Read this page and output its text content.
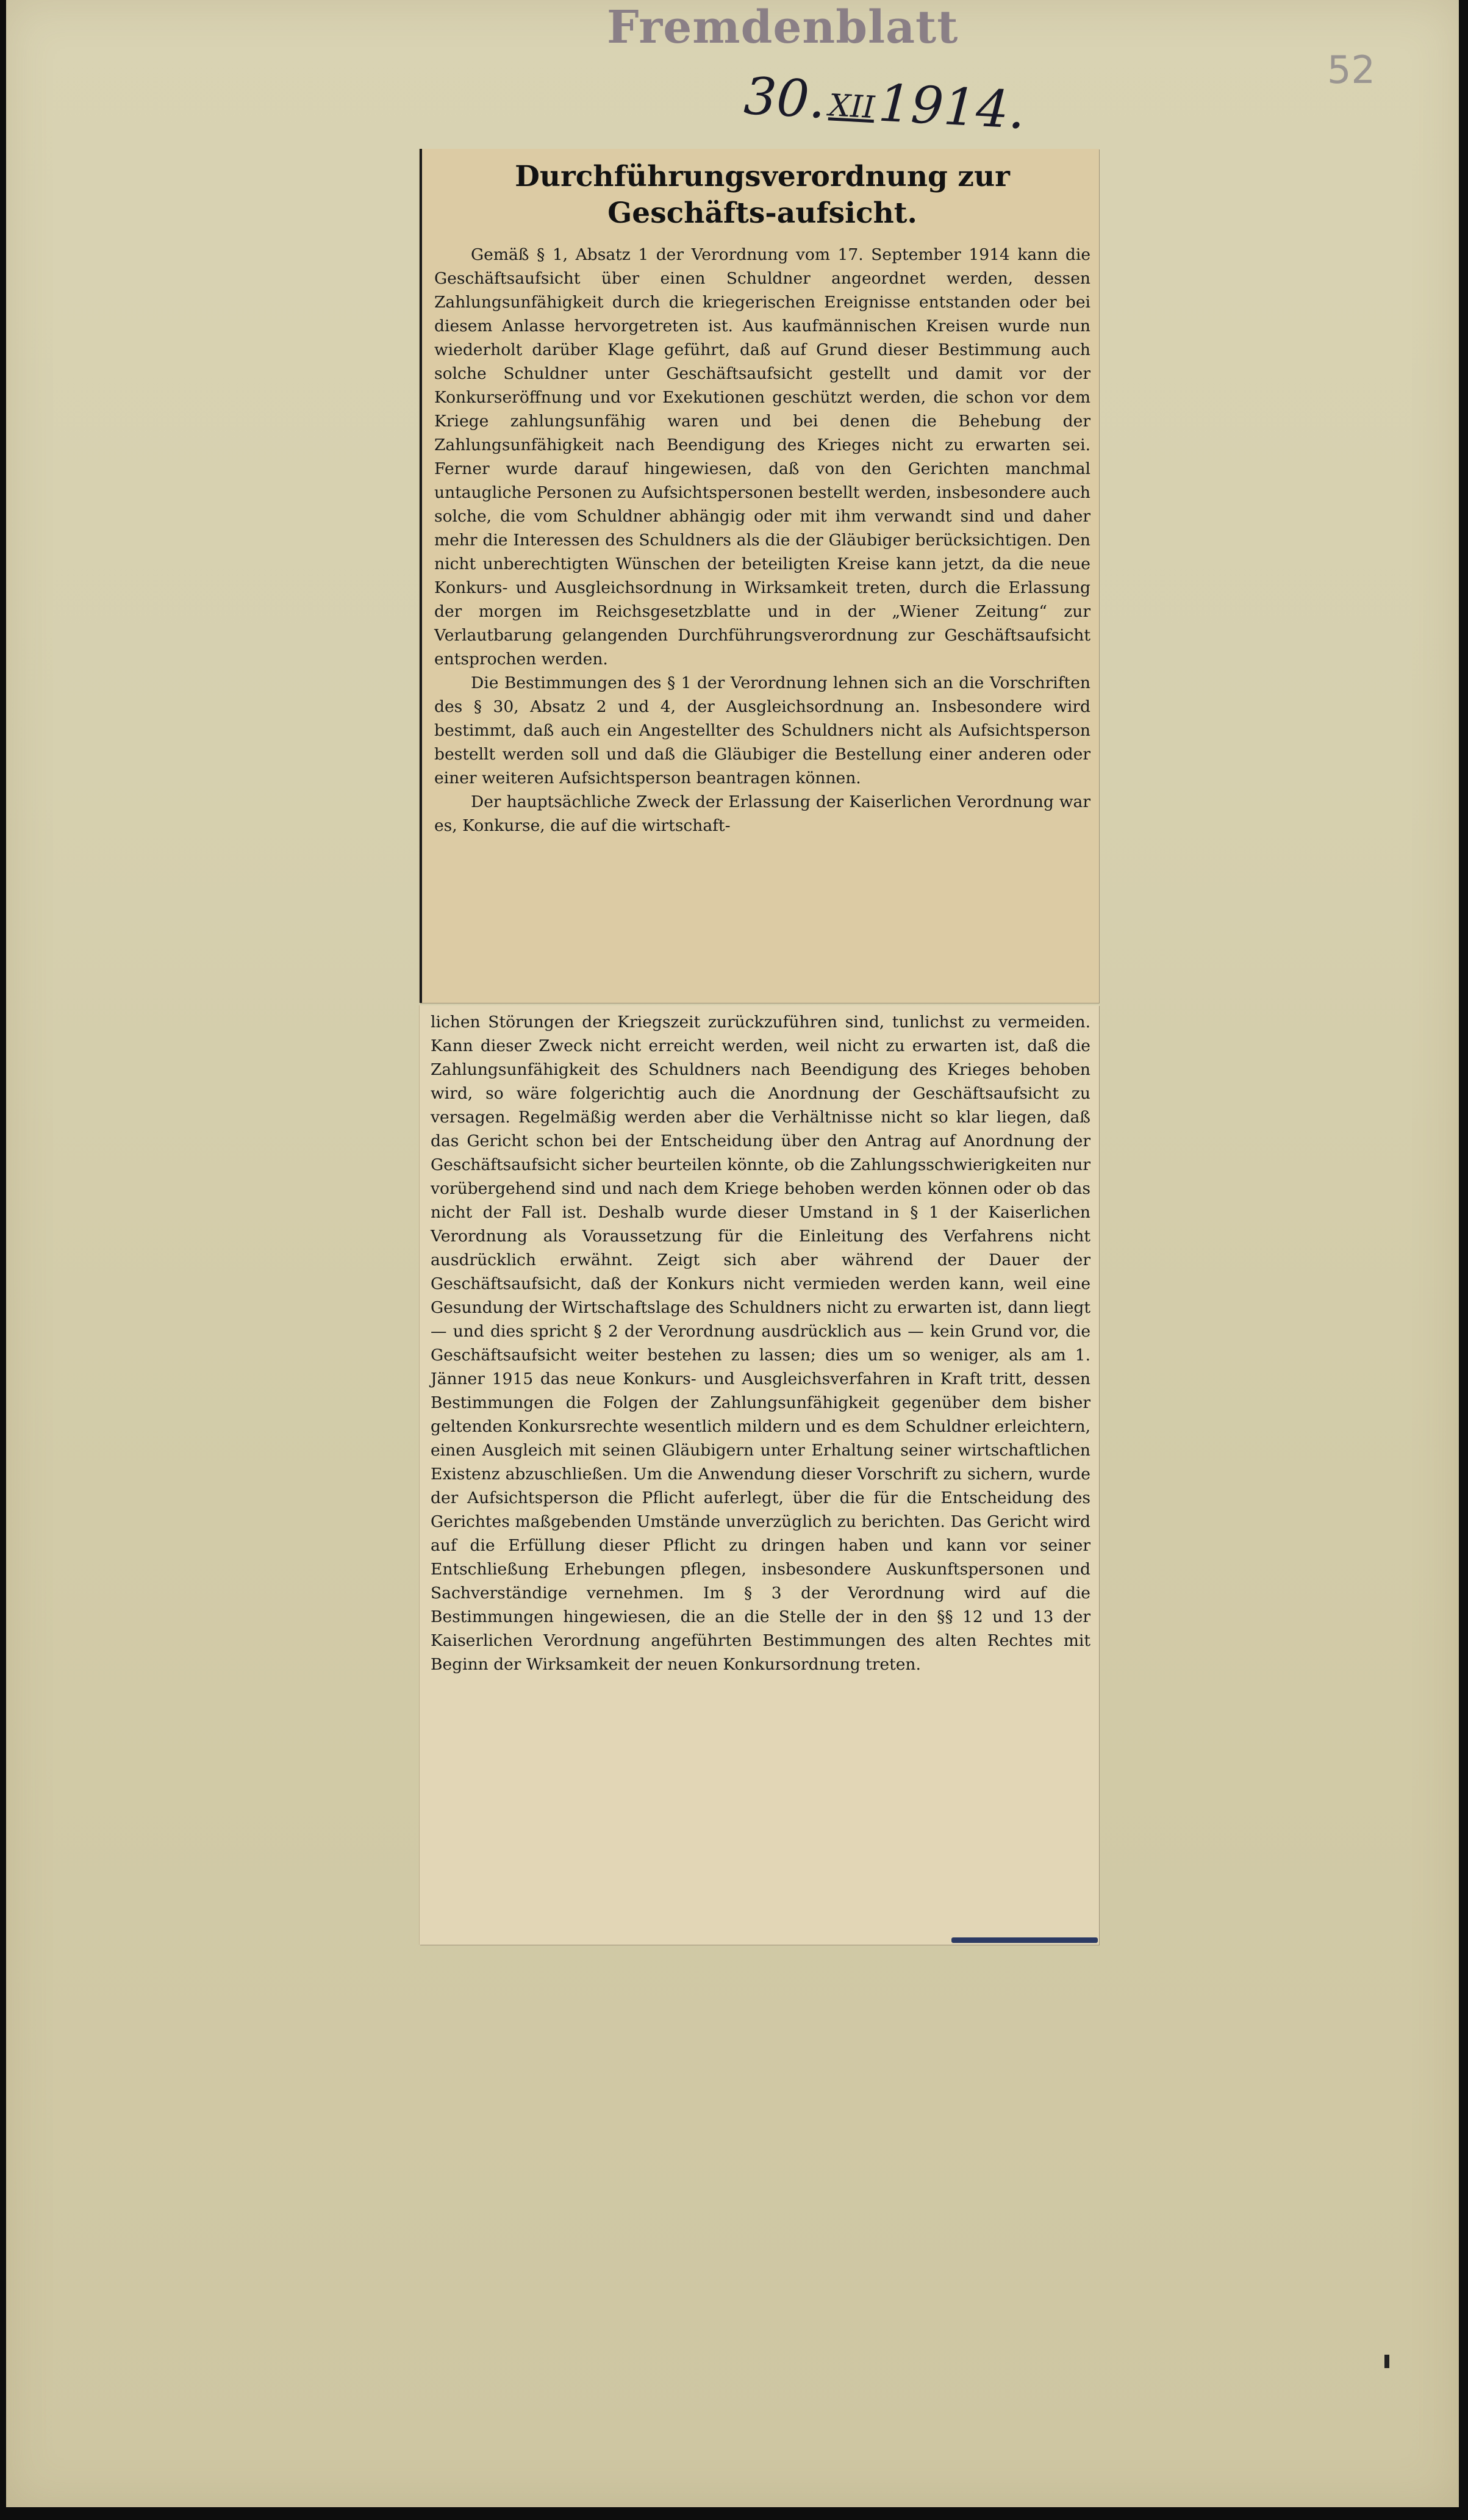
Fremdenblatt
30.XII1914.
52
Durchführungsverordnung zur Geschäfts-aufsicht.

Gemäß § 1, Absatz 1 der Verordnung vom 17. September 1914 kann die Geschäftsaufsicht über einen Schuldner angeordnet werden, dessen Zahlungsunfähigkeit durch die kriegerischen Ereignisse entstanden oder bei diesem Anlasse hervorgetreten ist. Aus kaufmännischen Kreisen wurde nun wiederholt darüber Klage geführt, daß auf Grund dieser Bestimmung auch solche Schuldner unter Geschäftsaufsicht gestellt und damit vor der Konkurseröffnung und vor Exekutionen geschützt werden, die schon vor dem Kriege zahlungsunfähig waren und bei denen die Behebung der Zahlungsunfähigkeit nach Beendigung des Krieges nicht zu erwarten sei. Ferner wurde darauf hingewiesen, daß von den Gerichten manchmal untaugliche Personen zu Aufsichtspersonen bestellt werden, insbesondere auch solche, die vom Schuldner abhängig oder mit ihm verwandt sind und daher mehr die Interessen des Schuldners als die der Gläubiger berücksichtigen. Den nicht unberechtigten Wünschen der beteiligten Kreise kann jetzt, da die neue Konkurs- und Ausgleichsordnung in Wirksamkeit treten, durch die Erlassung der morgen im Reichsgesetzblatte und in der „Wiener Zeitung“ zur Verlautbarung gelangenden Durchführungsverordnung zur Geschäftsaufsicht entsprochen werden.

Die Bestimmungen des § 1 der Verordnung lehnen sich an die Vorschriften des § 30, Absatz 2 und 4, der Ausgleichsordnung an. Insbesondere wird bestimmt, daß auch ein Angestellter des Schuldners nicht als Aufsichtsperson bestellt werden soll und daß die Gläubiger die Bestellung einer anderen oder einer weiteren Aufsichtsperson beantragen können.

Der hauptsächliche Zweck der Erlassung der Kaiserlichen Verordnung war es, Konkurse, die auf die wirtschaft-

lichen Störungen der Kriegszeit zurückzuführen sind, tunlichst zu vermeiden. Kann dieser Zweck nicht erreicht werden, weil nicht zu erwarten ist, daß die Zahlungsunfähigkeit des Schuldners nach Beendigung des Krieges behoben wird, so wäre folgerichtig auch die Anordnung der Geschäftsaufsicht zu versagen. Regelmäßig werden aber die Verhältnisse nicht so klar liegen, daß das Gericht schon bei der Entscheidung über den Antrag auf Anordnung der Geschäftsaufsicht sicher beurteilen könnte, ob die Zahlungsschwierigkeiten nur vorübergehend sind und nach dem Kriege behoben werden können oder ob das nicht der Fall ist. Deshalb wurde dieser Umstand in § 1 der Kaiserlichen Verordnung als Voraussetzung für die Einleitung des Verfahrens nicht ausdrücklich erwähnt. Zeigt sich aber während der Dauer der Geschäftsaufsicht, daß der Konkurs nicht vermieden werden kann, weil eine Gesundung der Wirtschaftslage des Schuldners nicht zu erwarten ist, dann liegt — und dies spricht § 2 der Verordnung ausdrücklich aus — kein Grund vor, die Geschäftsaufsicht weiter bestehen zu lassen; dies um so weniger, als am 1. Jänner 1915 das neue Konkurs- und Ausgleichsverfahren in Kraft tritt, dessen Bestimmungen die Folgen der Zahlungsunfähigkeit gegenüber dem bisher geltenden Konkursrechte wesentlich mildern und es dem Schuldner erleichtern, einen Ausgleich mit seinen Gläubigern unter Erhaltung seiner wirtschaftlichen Existenz abzuschließen. Um die Anwendung dieser Vorschrift zu sichern, wurde der Aufsichtsperson die Pflicht auferlegt, über die für die Entscheidung des Gerichtes maßgebenden Umstände unverzüglich zu berichten. Das Gericht wird auf die Erfüllung dieser Pflicht zu dringen haben und kann vor seiner Entschließung Erhebungen pflegen, insbesondere Auskunftspersonen und Sachverständige vernehmen. Im § 3 der Verordnung wird auf die Bestimmungen hingewiesen, die an die Stelle der in den §§ 12 und 13 der Kaiserlichen Verordnung angeführten Bestimmungen des alten Rechtes mit Beginn der Wirksamkeit der neuen Konkursordnung treten.
